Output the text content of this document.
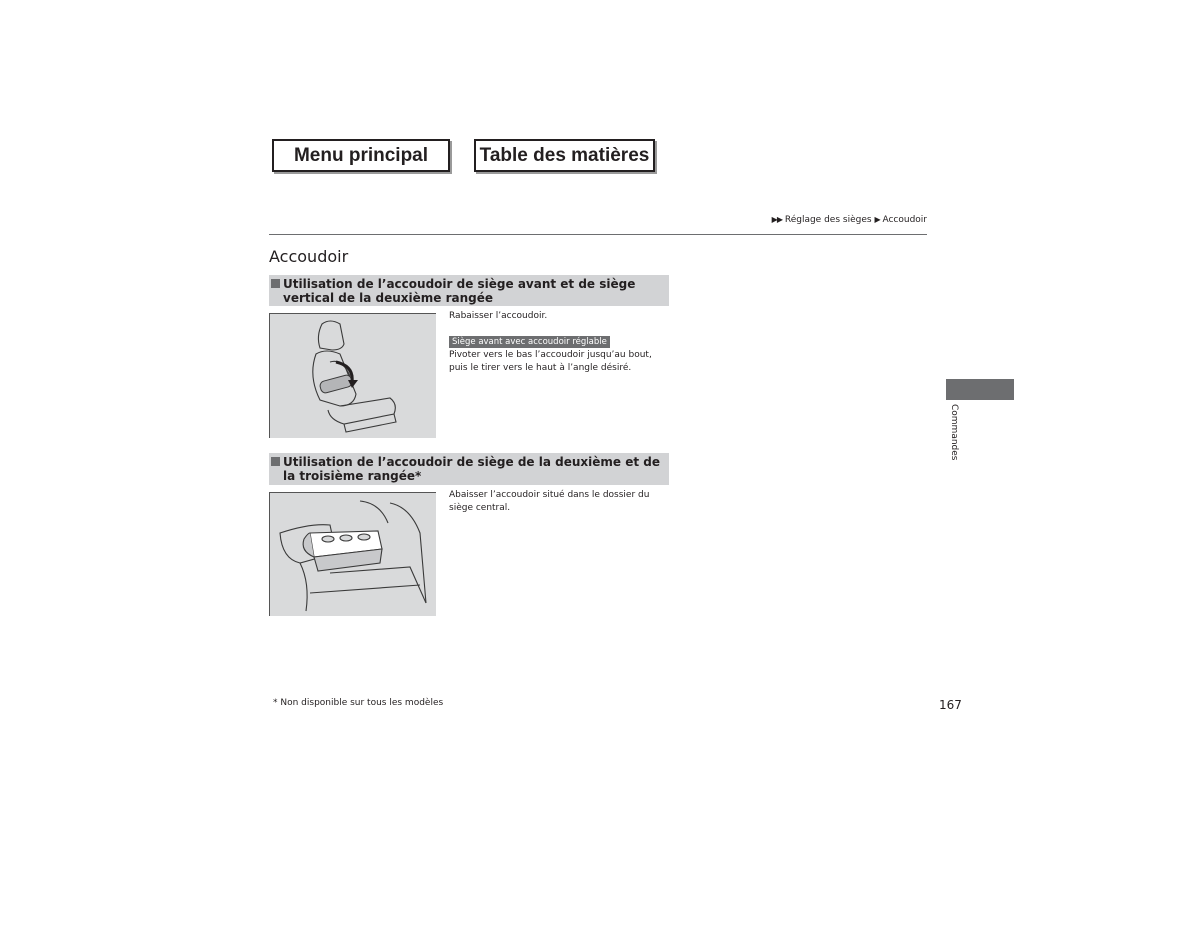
Menu principal	Table des matières
▶▶ Réglage des sièges ▶ Accoudoir
Accoudoir
Utilisation de l’accoudoir de siège avant et de siège vertical de la deuxième rangée

Rabaisser l’accoudoir.

Siège avant avec accoudoir réglable

Pivoter vers le bas l’accoudoir jusqu’au bout, puis le tirer vers le haut à l’angle désiré.

Utilisation de l’accoudoir de siège de la deuxième et de la troisième rangée*

Abaisser l’accoudoir situé dans le dossier du siège central.

Commandes
* Non disponible sur tous les modèles	167
